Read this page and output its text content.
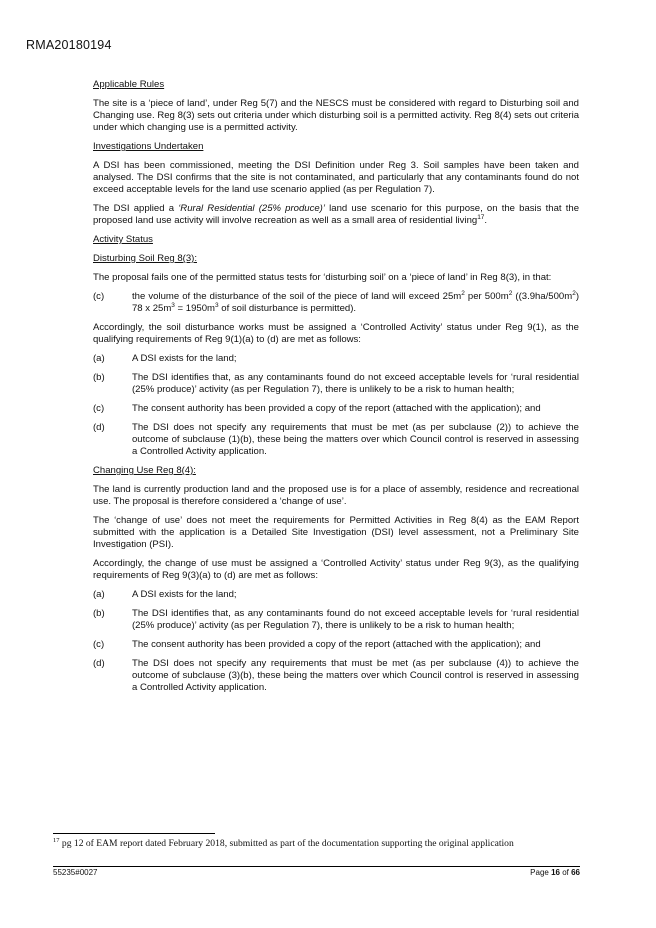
RMA20180194

Applicable Rules

The site is a ‘piece of land’, under Reg 5(7) and the NESCS must be considered with regard to Disturbing soil and Changing use. Reg 8(3) sets out criteria under which disturbing soil is a permitted activity. Reg 8(4) sets out criteria under which changing use is a permitted activity.

Investigations Undertaken

A DSI has been commissioned, meeting the DSI Definition under Reg 3. Soil samples have been taken and analysed. The DSI confirms that the site is not contaminated, and particularly that any contaminants found do not exceed acceptable levels for the land use scenario applied (as per Regulation 7).

The DSI applied a ‘Rural Residential (25% produce)’ land use scenario for this purpose, on the basis that the proposed land use activity will involve recreation as well as a small area of residential living$^{17}$.

Activity Status

Disturbing Soil Reg 8(3):

The proposal fails one of the permitted status tests for ‘disturbing soil’ on a ‘piece of land’ in Reg 8(3), in that:

(c)	the volume of the disturbance of the soil of the piece of land will exceed $25m^2$ per $500m^2$ ($(3.9ha/500m^2)$ 78 x $25m^3 = 1950m^3$ of soil disturbance is permitted).

Accordingly, the soil disturbance works must be assigned a ‘Controlled Activity’ status under Reg 9(1), as the qualifying requirements of Reg 9(1)(a) to (d) are met as follows:

(a)	A DSI exists for the land;
(b)	The DSI identifies that, as any contaminants found do not exceed acceptable levels for ‘rural residential (25% produce)’ activity (as per Regulation 7), there is unlikely to be a risk to human health;
(c)	The consent authority has been provided a copy of the report (attached with the application); and
(d)	The DSI does not specify any requirements that must be met (as per subclause (2)) to achieve the outcome of subclause (1)(b), these being the matters over which Council control is reserved in assessing a Controlled Activity application.

Changing Use Reg 8(4):

The land is currently production land and the proposed use is for a place of assembly, residence and recreational use. The proposal is therefore considered a ‘change of use’.

The ‘change of use’ does not meet the requirements for Permitted Activities in Reg 8(4) as the EAM Report submitted with the application is a Detailed Site Investigation (DSI) level assessment, not a Preliminary Site Investigation (PSI).

Accordingly, the change of use must be assigned a ‘Controlled Activity’ status under Reg 9(3), as the qualifying requirements of Reg 9(3)(a) to (d) are met as follows:

(a)	A DSI exists for the land;
(b)	The DSI identifies that, as any contaminants found do not exceed acceptable levels for ‘rural residential (25% produce)’ activity (as per Regulation 7), there is unlikely to be a risk to human health;
(c)	The consent authority has been provided a copy of the report (attached with the application); and
(d)	The DSI does not specify any requirements that must be met (as per subclause (4)) to achieve the outcome of subclause (3)(b), these being the matters over which Council control is reserved in assessing a Controlled Activity application.
$^{17}$ pg 12 of EAM report dated February 2018, submitted as part of the documentation supporting the original application
55235#0027	Page 16 of 66
